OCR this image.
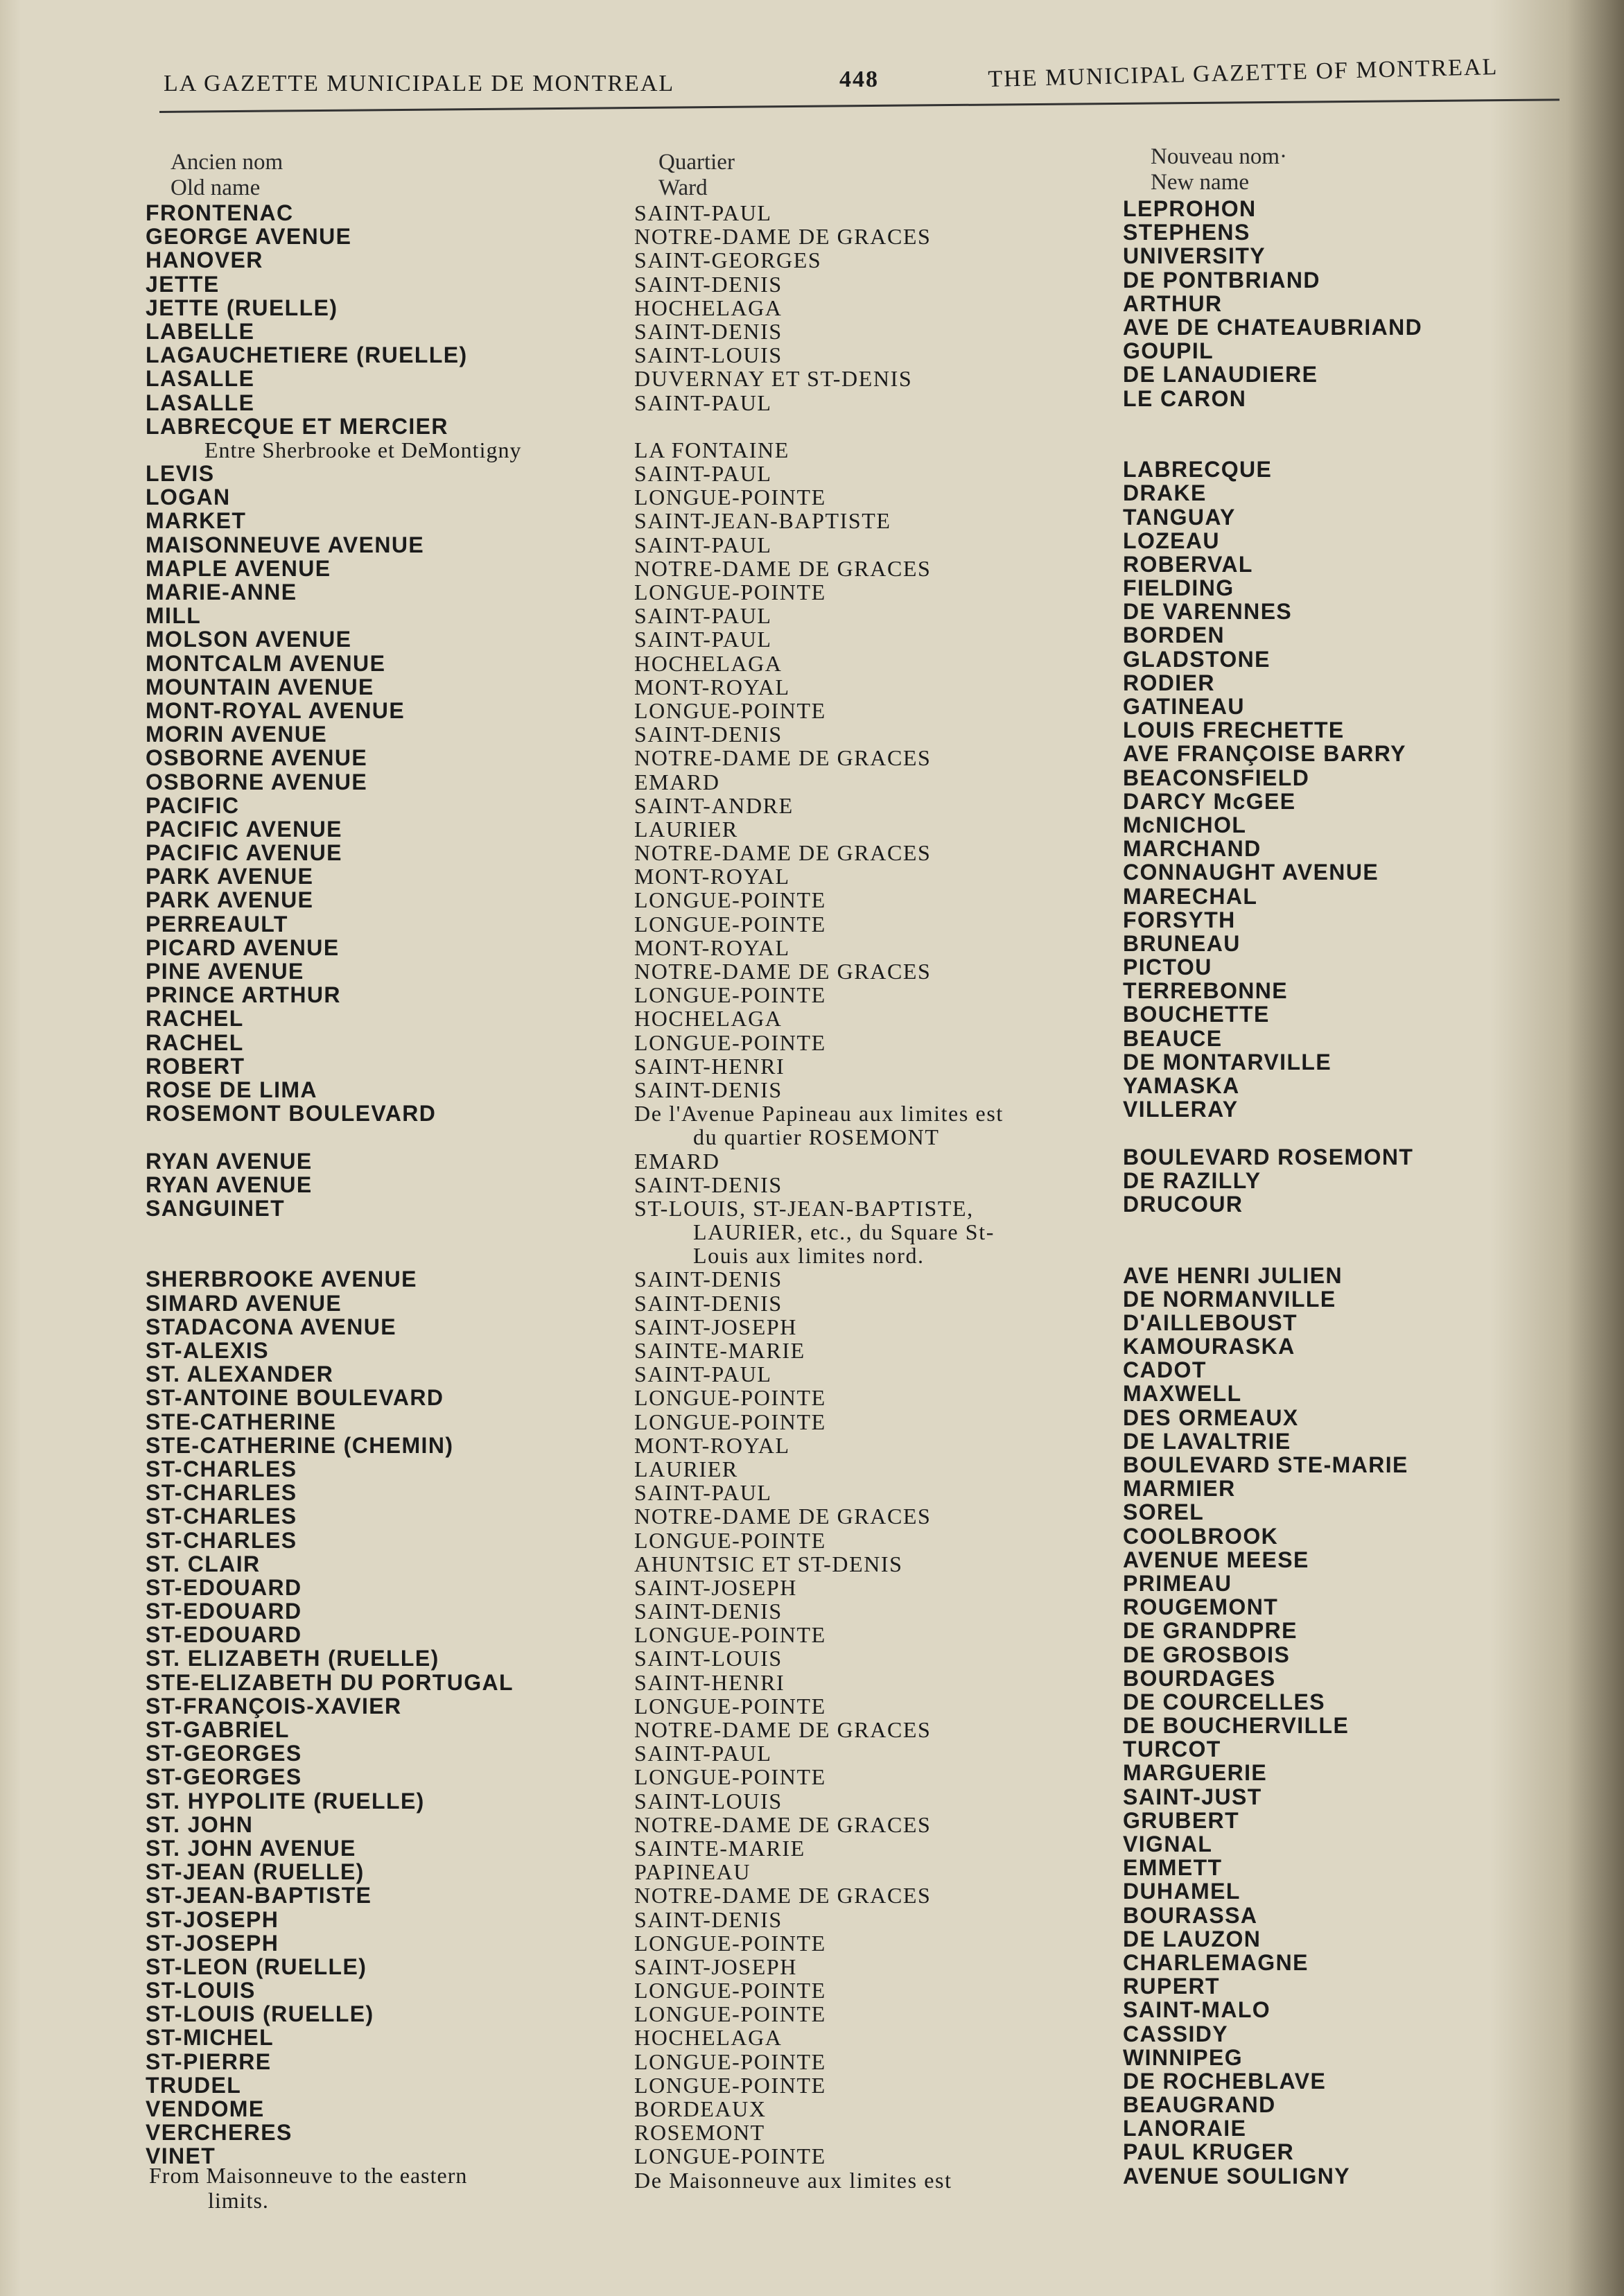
LA GAZETTE MUNICIPALE DE MONTREAL	448	THE MUNICIPAL GAZETTE OF MONTREAL
Ancien nom
Old name
Quartier
Ward
Nouveau nom·
New name
FRONTENAC
GEORGE AVENUE
HANOVER
JETTE
JETTE (RUELLE)
LABELLE
LAGAUCHETIERE (RUELLE)
LASALLE
LASALLE
LABRECQUE ET MERCIER
Entre Sherbrooke et DeMontigny
LEVIS
LOGAN
MARKET
MAISONNEUVE AVENUE
MAPLE AVENUE
MARIE-ANNE
MILL
MOLSON AVENUE
MONTCALM AVENUE
MOUNTAIN AVENUE
MONT-ROYAL AVENUE
MORIN AVENUE
OSBORNE AVENUE
OSBORNE AVENUE
PACIFIC
PACIFIC AVENUE
PACIFIC AVENUE
PARK AVENUE
PARK AVENUE
PERREAULT
PICARD AVENUE
PINE AVENUE
PRINCE ARTHUR
RACHEL
RACHEL
ROBERT
ROSE DE LIMA
ROSEMONT BOULEVARD
RYAN AVENUE
RYAN AVENUE
SANGUINET
SHERBROOKE AVENUE
SIMARD AVENUE
STADACONA AVENUE
ST-ALEXIS
ST. ALEXANDER
ST-ANTOINE BOULEVARD
STE-CATHERINE
STE-CATHERINE (CHEMIN)
ST-CHARLES
ST-CHARLES
ST-CHARLES
ST-CHARLES
ST. CLAIR
ST-EDOUARD
ST-EDOUARD
ST-EDOUARD
ST. ELIZABETH (RUELLE)
STE-ELIZABETH DU PORTUGAL
ST-FRANÇOIS-XAVIER
ST-GABRIEL
ST-GEORGES
ST-GEORGES
ST. HYPOLITE (RUELLE)
ST. JOHN
ST. JOHN AVENUE
ST-JEAN (RUELLE)
ST-JEAN-BAPTISTE
ST-JOSEPH
ST-JOSEPH
ST-LEON (RUELLE)
ST-LOUIS
ST-LOUIS (RUELLE)
ST-MICHEL
ST-PIERRE
TRUDEL
VENDOME
VERCHERES
VINET
SAINT-PAUL
NOTRE-DAME DE GRACES
SAINT-GEORGES
SAINT-DENIS
HOCHELAGA
SAINT-DENIS
SAINT-LOUIS
DUVERNAY ET ST-DENIS
SAINT-PAUL
LA FONTAINE
SAINT-PAUL
LONGUE-POINTE
SAINT-JEAN-BAPTISTE
SAINT-PAUL
NOTRE-DAME DE GRACES
LONGUE-POINTE
SAINT-PAUL
SAINT-PAUL
HOCHELAGA
MONT-ROYAL
LONGUE-POINTE
SAINT-DENIS
NOTRE-DAME DE GRACES
EMARD
SAINT-ANDRE
LAURIER
NOTRE-DAME DE GRACES
MONT-ROYAL
LONGUE-POINTE
LONGUE-POINTE
MONT-ROYAL
NOTRE-DAME DE GRACES
LONGUE-POINTE
HOCHELAGA
LONGUE-POINTE
SAINT-HENRI
SAINT-DENIS
De l'Avenue Papineau aux limites est
du quartier ROSEMONT
EMARD
SAINT-DENIS
ST-LOUIS, ST-JEAN-BAPTISTE,
LAURIER, etc., du Square St-
Louis aux limites nord.
SAINT-DENIS
SAINT-DENIS
SAINT-JOSEPH
SAINTE-MARIE
SAINT-PAUL
LONGUE-POINTE
LONGUE-POINTE
MONT-ROYAL
LAURIER
SAINT-PAUL
NOTRE-DAME DE GRACES
LONGUE-POINTE
AHUNTSIC ET ST-DENIS
SAINT-JOSEPH
SAINT-DENIS
LONGUE-POINTE
SAINT-LOUIS
SAINT-HENRI
LONGUE-POINTE
NOTRE-DAME DE GRACES
SAINT-PAUL
LONGUE-POINTE
SAINT-LOUIS
NOTRE-DAME DE GRACES
SAINTE-MARIE
PAPINEAU
NOTRE-DAME DE GRACES
SAINT-DENIS
LONGUE-POINTE
SAINT-JOSEPH
LONGUE-POINTE
LONGUE-POINTE
HOCHELAGA
LONGUE-POINTE
LONGUE-POINTE
BORDEAUX
ROSEMONT
LONGUE-POINTE
De Maisonneuve aux limites est
LABRECQUE
DRAKE
TANGUAY
LOZEAU
ROBERVAL
FIELDING
DE VARENNES
BORDEN
GLADSTONE
RODIER
GATINEAU
LOUIS FRECHETTE
AVE FRANÇOISE BARRY
BEACONSFIELD
DARCY McGEE
McNICHOL
MARCHAND
CONNAUGHT AVENUE
MARECHAL
FORSYTH
BRUNEAU
PICTOU
TERREBONNE
BOUCHETTE
BEAUCE
DE MONTARVILLE
YAMASKA
VILLERAY
BOULEVARD ROSEMONT
DE RAZILLY
DRUCOUR
AVE HENRI JULIEN
DE NORMANVILLE
D'AILLEBOUST
KAMOURASKA
CADOT
MAXWELL
DES ORMEAUX
DE LAVALTRIE
BOULEVARD STE-MARIE
MARMIER
SOREL
COOLBROOK
AVENUE MEESE
PRIMEAU
ROUGEMONT
DE GRANDPRE
DE GROSBOIS
BOURDAGES
DE COURCELLES
DE BOUCHERVILLE
TURCOT
MARGUERIE
SAINT-JUST
GRUBERT
VIGNAL
EMMETT
DUHAMEL
BOURASSA
DE LAUZON
CHARLEMAGNE
RUPERT
SAINT-MALO
CASSIDY
WINNIPEG
DE ROCHEBLAVE
BEAUGRAND
LANORAIE
PAUL KRUGER
AVENUE SOULIGNY
LEPROHON
STEPHENS
UNIVERSITY
DE PONTBRIAND
ARTHUR
AVE DE CHATEAUBRIAND
GOUPIL
DE LANAUDIERE
LE CARON
From Maisonneuve to the eastern
limits.
